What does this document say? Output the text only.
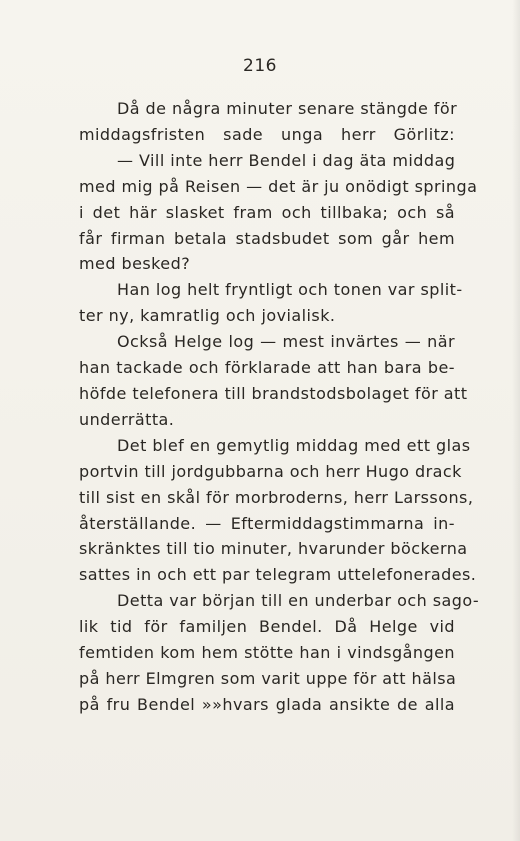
216
Då de några minuter senare stängde för
middagsfristen sade unga herr Görlitz:
— Vill inte herr Bendel i dag äta middag
med mig på Reisen — det är ju onödigt springa
i det här slasket fram och tillbaka; och så
får firman betala stadsbudet som går hem
med besked?
Han log helt fryntligt och tonen var split-
ter ny, kamratlig och jovialisk.
Också Helge log — mest invärtes — när
han tackade och förklarade att han bara be-
höfde telefonera till brandstodsbolaget för att
underrätta.
Det blef en gemytlig middag med ett glas
portvin till jordgubbarna och herr Hugo drack
till sist en skål för morbroderns, herr Larssons,
återställande. — Eftermiddagstimmarna in-
skränktes till tio minuter, hvarunder böckerna
sattes in och ett par telegram uttelefonerades.
Detta var början till en underbar och sago-
lik tid för familjen Bendel. Då Helge vid
femtiden kom hem stötte han i vindsgången
på herr Elmgren som varit uppe för att hälsa
på fru Bendel »»hvars glada ansikte de alla
